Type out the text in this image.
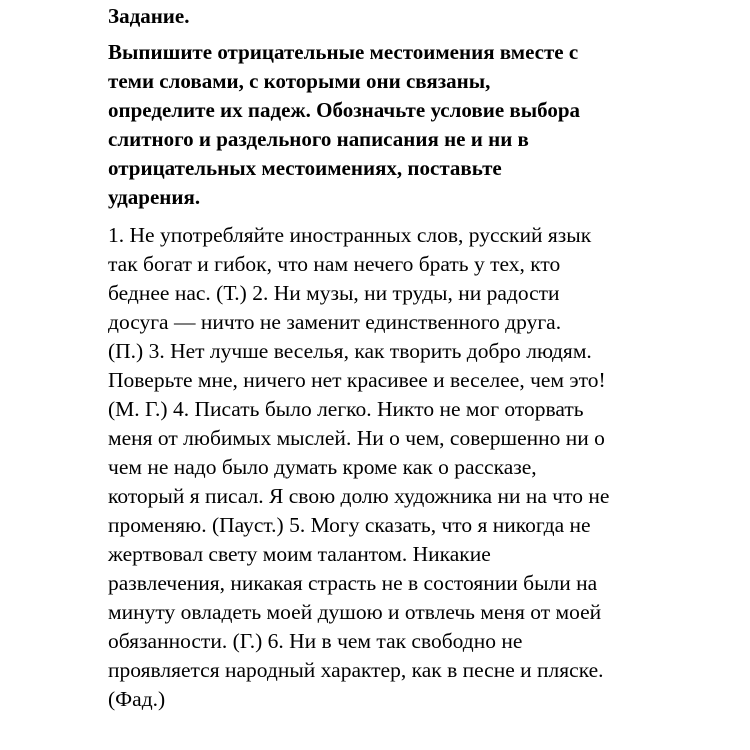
Задание.
Выпишите отрицательные местоимения вместе с
теми словами, с которыми они связаны,
определите их падеж. Обозначьте условие выбора
слитного и раздельного написания не и ни в
отрицательных местоимениях, поставьте
ударения.
1. Не употребляйте иностранных слов, русский язык
так богат и гибок, что нам нечего брать у тех, кто
беднее нас. (Т.) 2. Ни музы, ни труды, ни радости
досуга — ничто не заменит единственного друга.
(П.) 3. Нет лучше веселья, как творить добро людям.
Поверьте мне, ничего нет красивее и веселее, чем это!
(М. Г.) 4. Писать было легко. Никто не мог оторвать
меня от любимых мыслей. Ни о чем, совершенно ни о
чем не надо было думать кроме как о рассказе,
который я писал. Я свою долю художника ни на что не
променяю. (Пауст.) 5. Могу сказать, что я никогда не
жертвовал свету моим талантом. Никакие
развлечения, никакая страсть не в состоянии были на
минуту овладеть моей душою и отвлечь меня от моей
обязанности. (Г.) 6. Ни в чем так свободно не
проявляется народный характер, как в песне и пляске.
(Фад.)
